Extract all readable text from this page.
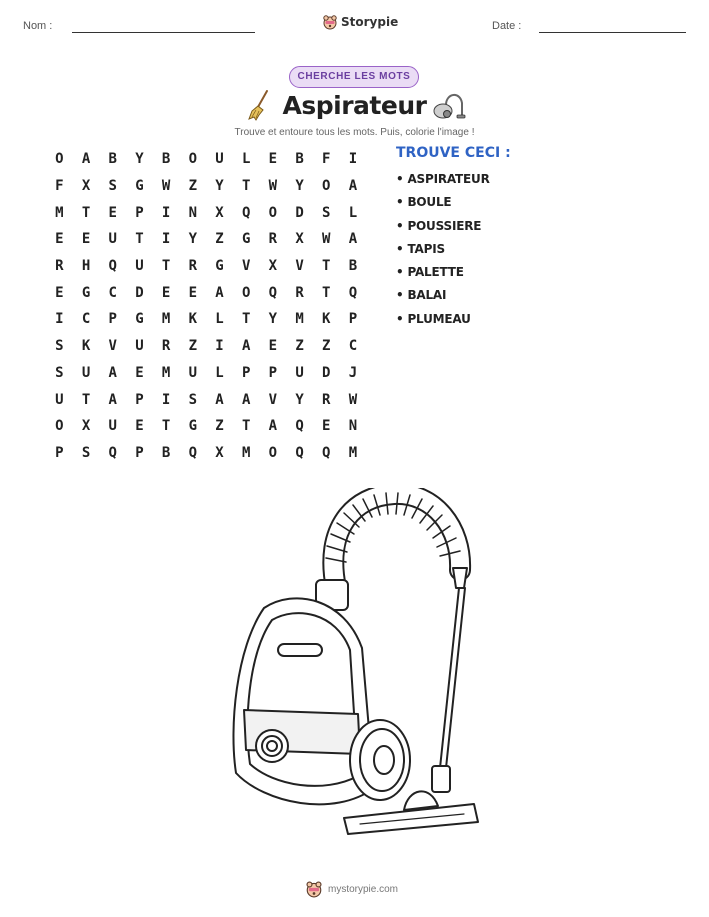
Nom :	Storypie	Date :
CHERCHE LES MOTS
Aspirateur
Trouve et entoure tous les mots. Puis, colorie l'image !
O	A	B	Y	B	O	U	L	E	B	F	I
F	X	S	G	W	Z	Y	T	W	Y	O	A
M	T	E	P	I	N	X	Q	O	D	S	L
E	E	U	T	I	Y	Z	G	R	X	W	A
R	H	Q	U	T	R	G	V	X	V	T	B
E	G	C	D	E	E	A	O	Q	R	T	Q
I	C	P	G	M	K	L	T	Y	M	K	P
S	K	V	U	R	Z	I	A	E	Z	Z	C
S	U	A	E	M	U	L	P	P	U	D	J
U	T	A	P	I	S	A	A	V	Y	R	W
O	X	U	E	T	G	Z	T	A	Q	E	N
P	S	Q	P	B	Q	X	M	O	Q	Q	M
TROUVE CECI :
• ASPIRATEUR
• BOULE
• POUSSIERE
• TAPIS
• PALETTE
• BALAI
• PLUMEAU
mystorypie.com
